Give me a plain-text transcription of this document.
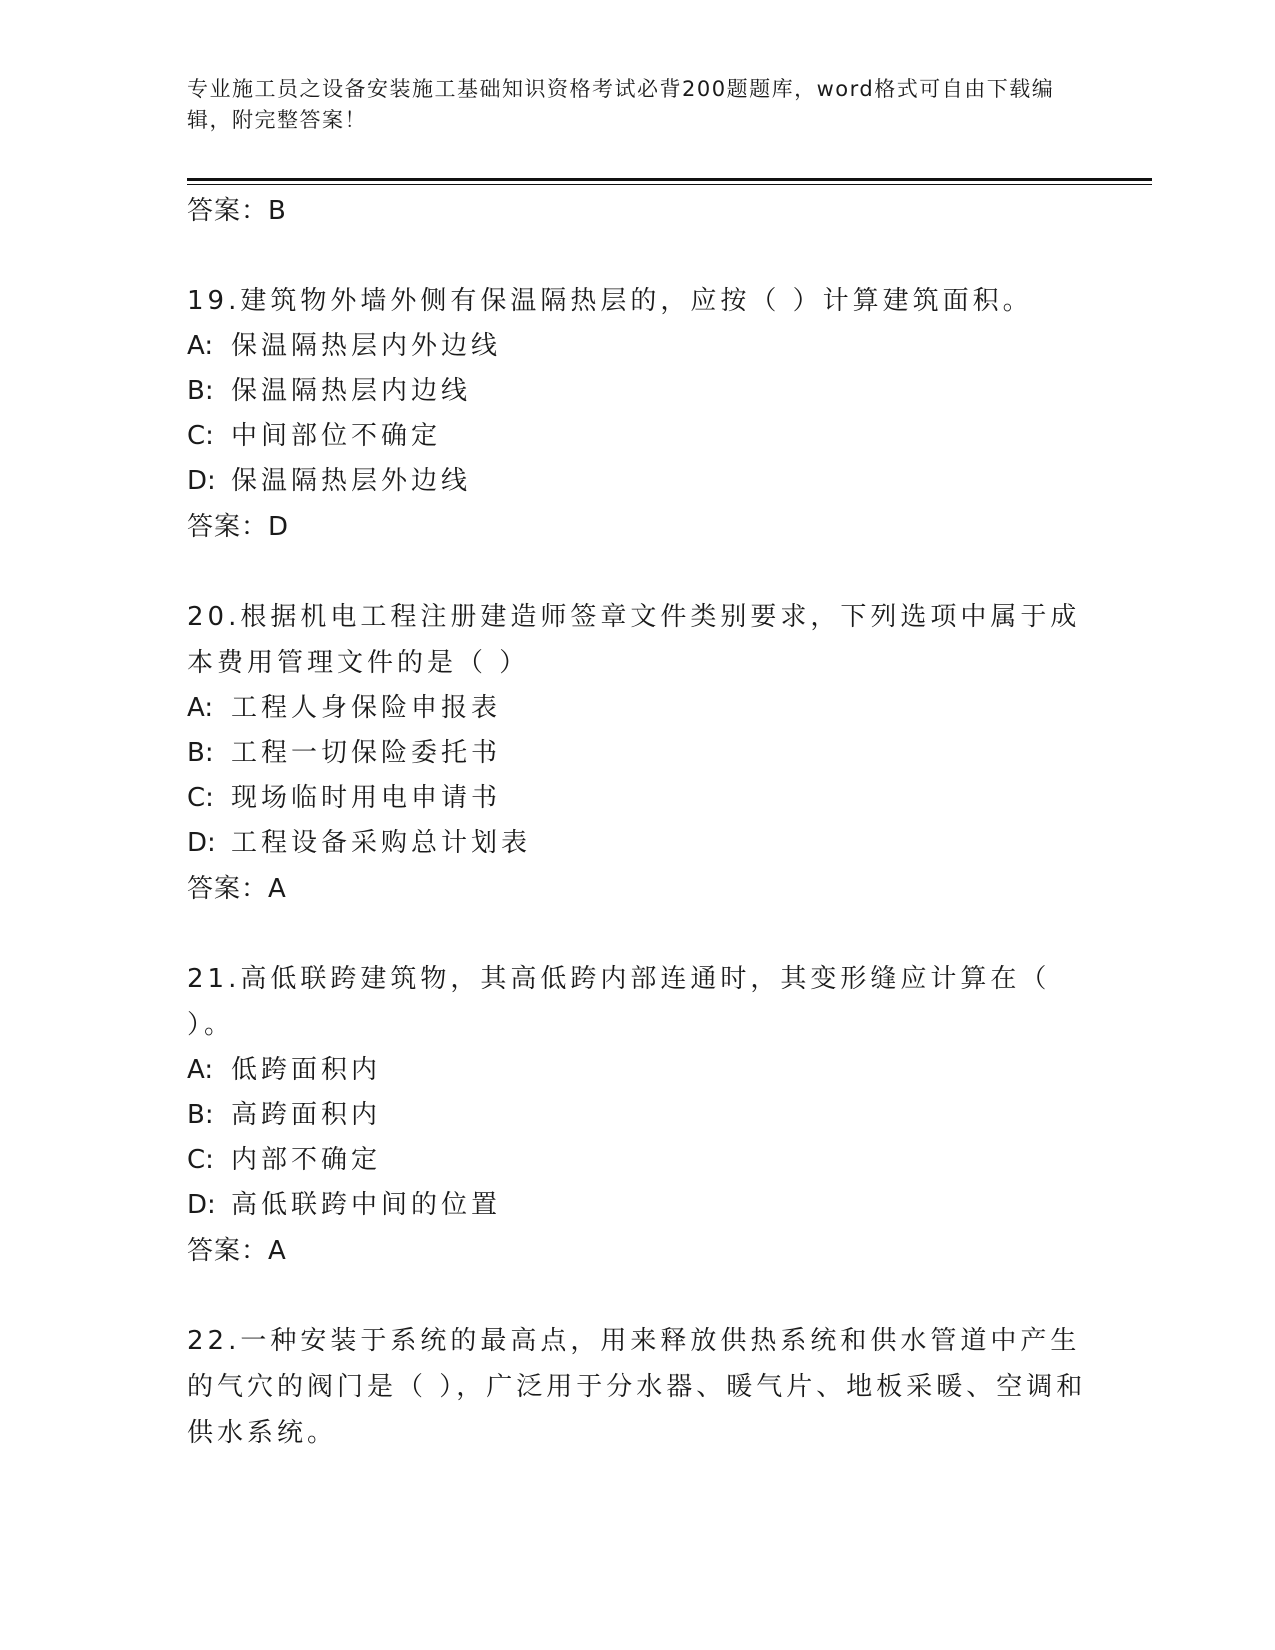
专业施工员之设备安装施工基础知识资格考试必背200题题库，word格式可自由下载编辑，附完整答案！
答案：B
19.建筑物外墙外侧有保温隔热层的，应按（ ）计算建筑面积。
A: 保温隔热层内外边线
B: 保温隔热层内边线
C: 中间部位不确定
D: 保温隔热层外边线
答案：D
20.根据机电工程注册建造师签章文件类别要求，下列选项中属于成本费用管理文件的是（ ）
A: 工程人身保险申报表
B: 工程一切保险委托书
C: 现场临时用电申请书
D: 工程设备采购总计划表
答案：A
21.高低联跨建筑物，其高低跨内部连通时，其变形缝应计算在（ ）。
A: 低跨面积内
B: 高跨面积内
C: 内部不确定
D: 高低联跨中间的位置
答案：A
22.一种安装于系统的最高点，用来释放供热系统和供水管道中产生的气穴的阀门是（ ），广泛用于分水器、暖气片、地板采暖、空调和供水系统。
